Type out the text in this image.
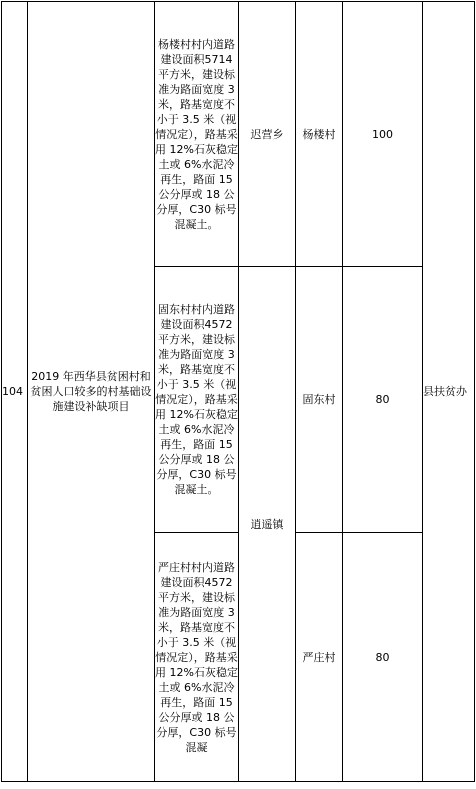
104	2019 年西华县贫困村和贫困人口较多的村基础设施建设补缺项目	杨楼村村内道路建设面积5714 平方米，建设标准为路面宽度 3 米，路基宽度不小于 3.5 米（视情况定），路基采用 12%石灰稳定土或 6%水泥冷再生，路面 15 公分厚或 18 公分厚，C30 标号混凝土。	迟营乡	杨楼村	100	县扶贫办
		固东村村内道路建设面积4572 平方米，建设标准为路面宽度 3 米，路基宽度不小于 3.5 米（视情况定），路基采用 12%石灰稳定土或 6%水泥冷再生，路面 15 公分厚或 18 公分厚，C30 标号混凝土。	逍遥镇	固东村	80	
		严庄村村内道路建设面积4572 平方米，建设标准为路面宽度 3 米，路基宽度不小于 3.5 米（视情况定），路基采用 12%石灰稳定土或 6%水泥冷再生，路面 15 公分厚或 18 公分厚，C30 标号混凝		严庄村	80	
